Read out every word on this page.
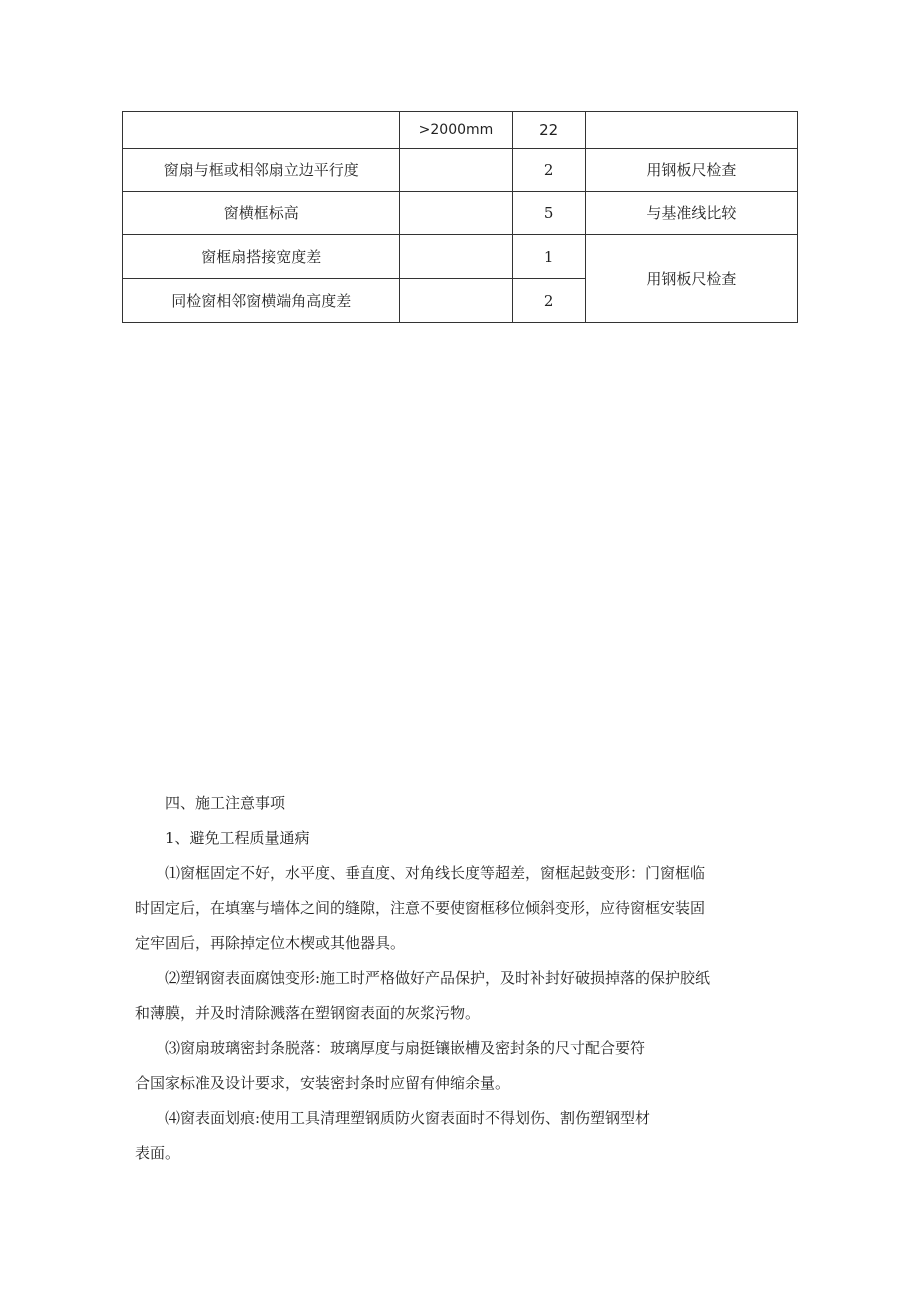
	>2000mm	22	
窗扇与框或相邻扇立边平行度		2	用钢板尺检查
窗横框标高		5	与基准线比较
窗框扇搭接宽度差		1	用钢板尺检查
同检窗相邻窗横端角高度差		2	

四、施工注意事项

1、避免工程质量通病

⑴窗框固定不好，水平度、垂直度、对角线长度等超差，窗框起鼓变形：门窗框临

时固定后，在填塞与墙体之间的缝隙，注意不要使窗框移位倾斜变形，应待窗框安装固

定牢固后，再除掉定位木楔或其他器具。

⑵塑钢窗表面腐蚀变形:施工时严格做好产品保护，及时补封好破损掉落的保护胶纸

和薄膜，并及时清除溅落在塑钢窗表面的灰浆污物。

⑶窗扇玻璃密封条脱落：玻璃厚度与扇挺镶嵌槽及密封条的尺寸配合要符

合国家标准及设计要求，安装密封条时应留有伸缩余量。

⑷窗表面划痕:使用工具清理塑钢质防火窗表面时不得划伤、割伤塑钢型材

表面。
